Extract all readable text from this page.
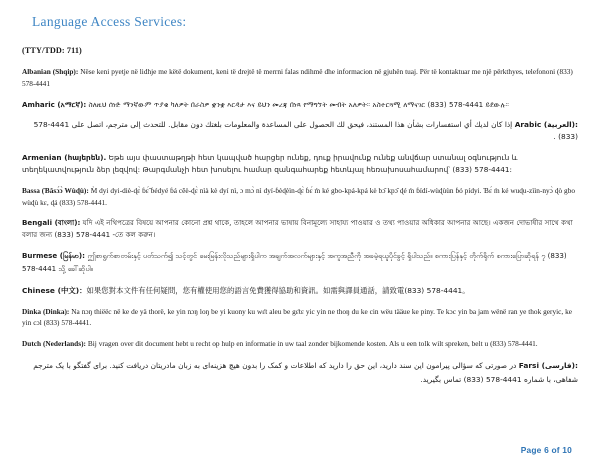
Language Access Services:

(TTY/TDD: 711)

Albanian (Shqip): Nëse keni pyetje në lidhje me këtë dokument, keni të drejtë të merrni falas ndihmë dhe informacion në gjuhën tuaj. Për të kontaktuar me një përkthyes, telefononi (833) 578-4441

Amharic (አማርኛ): ስለዚህ ሰነድ ማንኛውም ጥያቄ ካለዎት በራስዎ ቋንቋ እርዳታ እና ይህን መረጃ በነጻ የማግኘት መብት አለዎት። አስተርጓሚ ለማናገር (833) 578-4441 ይደውሉ።

Arabic (العربية): إذا كان لديك أي استفسارات بشأن هذا المستند، فيحق لك الحصول على المساعدة والمعلومات بلغتك دون مقابل. للتحدث إلى مترجم، اتصل على 4441-578 (833) .

Armenian (հայերեն). Եթե այս փաստաթղթի հետ կապված հարցեր ունեք, դուք իրավունք ունեք անվճար ստանալ օգնություն և տեղեկատվություն ձեր լեզվով: Թարգմանչի հետ խոսելու համար զանգահարեք հետևյալ հեռախոսահամարով՝ (833) 578-4441:

Bassa (Ɓǎsɔ́ɔ̀ Wùɖù): M̀ dyi dyi-diè-ɖɛ̀ ɓɛ̃́ ɓédyé ɓá cĕè-ɖɛ̀ nìà kè dyí nì, ɔ mɔ̀ nì dyí-ɓèɖèìn-ɖɛ̀ ɓɛ́ m̀ ké gbo-kpá-kpá kè bɔ̌ kpɔ̌ ɖé m̀ ɓídí-wùɖùùn ɓó pídyi. Ɓɛ́ m̀ ké wuɖu-zììn-nyɔ̀ ɖò gbo wùɖù kɛ, ɖá (833) 578-4441.

Bengali (বাংলা): যদি এই নথিপত্রের বিষয়ে আপনার কোনো প্রশ্ন থাকে, তাহলে আপনার ভাষায় বিনামূল্যে সাহায্য পাওয়ার ও তথ্য পাওয়ার অধিকার আপনার আছে। একজন দোভাষীর সাথে কথা বলার জন্য (833) 578-4441 -তে কল করুন।

Burmese (မြန်မာ): ဤစာရွက်စာတမ်းနှင့် ပတ်သက်၍ သင့်တွင် မေးမြန်းလိုသည်များရှိပါက အချက်အလက်များနှင့် အကူအညီကို အခမဲ့ရယူပိုင်ခွင့် ရှိပါသည်။ စကားပြန်နှင့် တိုက်ရိုက် စကားပြောဆိုရန် ၇ (833) 578-4441 သို့ ခေါ်ဆိုပါ။

Chinese (中文)：如果您對本文件有任何疑問，您有權使用您的語言免費獲得協助和資訊。如需與譯員通話，請致電(833) 578-4441。

Dinka (Dinka): Na nɔŋ thiëëc në ke de yä thorë, ke yin nɔŋ loŋ be yi kuony ku wɛ̈t aleu be gɛ̈tɛ yic yin ne thoŋ du ke cin wëu tääue ke piny. Te kɔc yin ba jam wënë ran ye thok geryic, ke yin cɔl (833) 578-4441.

Dutch (Nederlands): Bij vragen over dit document hebt u recht op hulp en informatie in uw taal zonder bijkomende kosten. Als u een tolk wilt spreken, belt u (833) 578-4441.

Farsi (فارسی): در صورتی که سؤالی پیرامون این سند دارید، این حق را دارید که اطلاعات و کمک را بدون هیچ هزینه‌ای به زبان مادریتان دریافت کنید. برای گفتگو با یک مترجم شفاهی، با شماره 4441-578 (833) تماس بگیرید.

Page 6 of 10
